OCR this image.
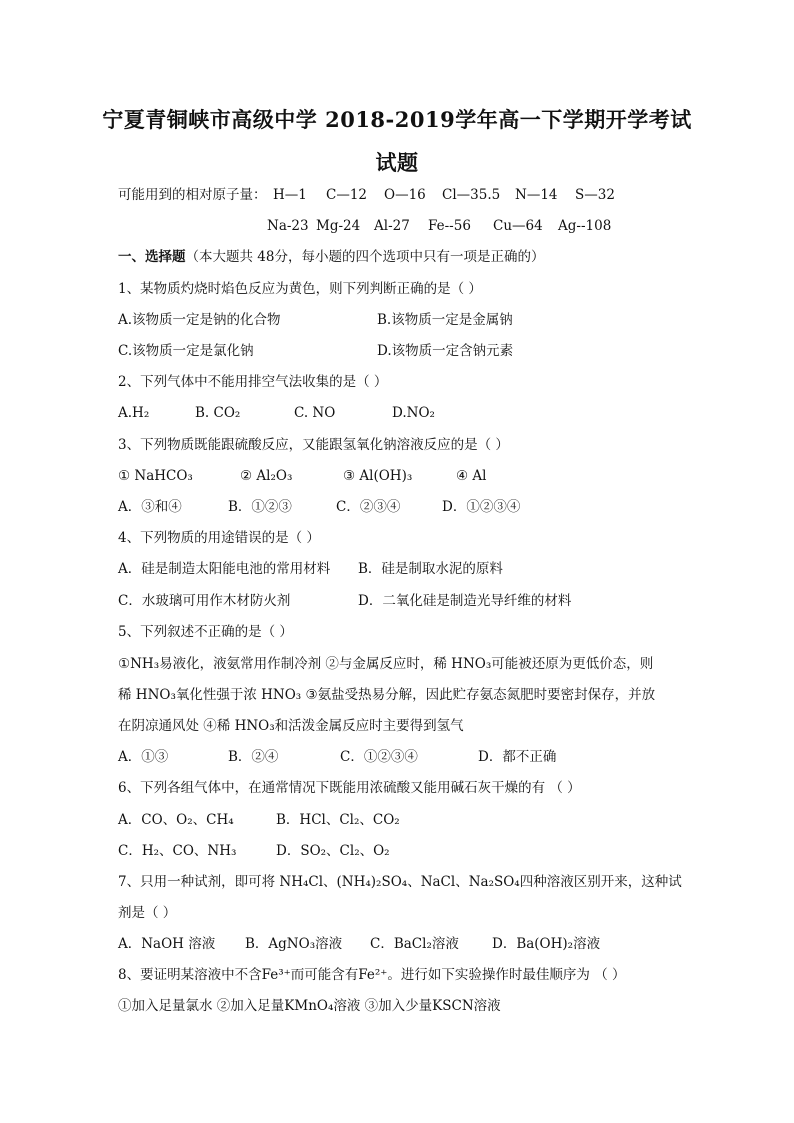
宁夏青铜峡市高级中学 2018-2019学年高一下学期开学考试
试题
可能用到的相对原子量： H—1 C—12 O—16 Cl—35.5 N—14 S—32
Na-23 Mg-24 Al-27 Fe--56 Cu—64 Ag--108
一、选择题（本大题共 48分，每小题的四个选项中只有一项是正确的）
1、某物质灼烧时焰色反应为黄色，则下列判断正确的是（ ）
A.该物质一定是钠的化合物	B.该物质一定是金属钠
C.该物质一定是氯化钠	D.该物质一定含钠元素
2、下列气体中不能用排空气法收集的是（ ）
A.H₂	B. CO₂	C. NO	D.NO₂
3、下列物质既能跟硫酸反应，又能跟氢氧化钠溶液反应的是（ ）
① NaHCO₃	② Al₂O₃	③ Al(OH)₃	④ Al
A．③和④	B．①②③	C．②③④	D．①②③④
4、下列物质的用途错误的是（ ）
A．硅是制造太阳能电池的常用材料 B．硅是制取水泥的原料
C．水玻璃可用作木材防火剂	D．二氧化硅是制造光导纤维的材料
5、下列叙述不正确的是（ ）
①NH₃易液化，液氨常用作制冷剂 ②与金属反应时，稀 HNO₃可能被还原为更低价态，则
稀 HNO₃氧化性强于浓 HNO₃ ③氨盐受热易分解，因此贮存氨态氮肥时要密封保存，并放
在阴凉通风处 ④稀 HNO₃和活泼金属反应时主要得到氢气
A．①③	B．②④	C．①②③④	D．都不正确
6、下列各组气体中，在通常情况下既能用浓硫酸又能用碱石灰干燥的有 （ ）
A．CO、O₂、CH₄	B．HCl、Cl₂、CO₂
C．H₂、CO、NH₃	D．SO₂、Cl₂、O₂
7、只用一种试剂，即可将 NH₄Cl、(NH₄)₂SO₄、NaCl、Na₂SO₄四种溶液区别开来，这种试
剂是（ ）
A．NaOH 溶液 B．AgNO₃溶液 C．BaCl₂溶液 D．Ba(OH)₂溶液
8、要证明某溶液中不含Fe³⁺而可能含有Fe²⁺。进行如下实验操作时最佳顺序为 （ ）
①加入足量氯水 ②加入足量KMnO₄溶液 ③加入少量KSCN溶液
